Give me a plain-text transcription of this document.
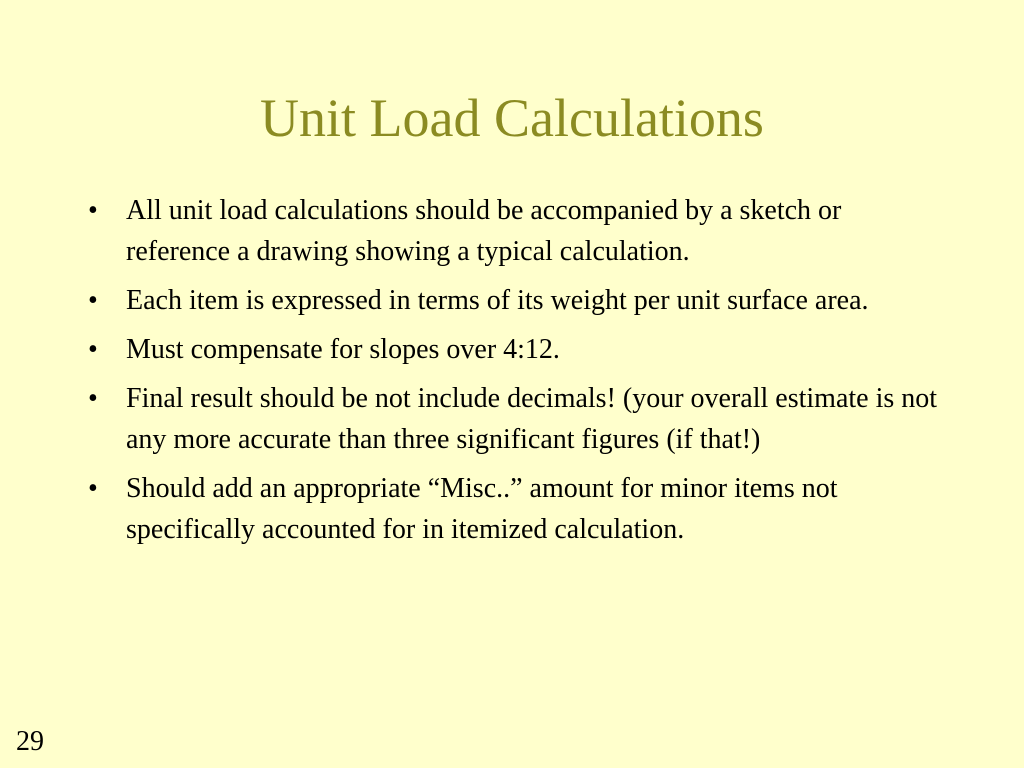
Unit Load Calculations
• All unit load calculations should be accompanied by a sketch or reference a drawing showing a typical calculation.
• Each item is expressed in terms of its weight per unit surface area.
• Must compensate for slopes over 4:12.
• Final result should be not include decimals! (your overall estimate is not any more accurate than three significant figures (if that!)
• Should add an appropriate “Misc..” amount for minor items not specifically accounted for in itemized calculation.
29
